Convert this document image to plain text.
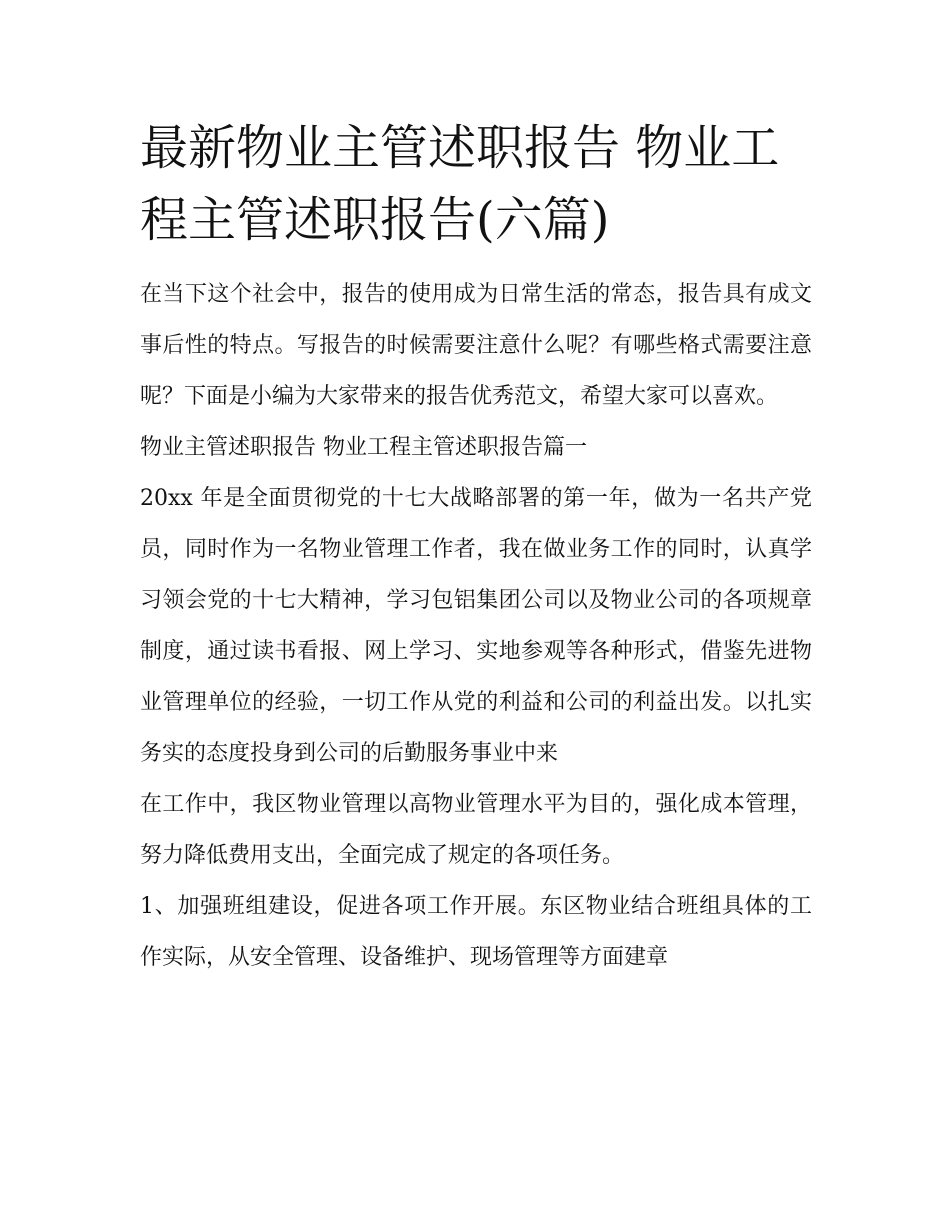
最新物业主管述职报告 物业工程主管述职报告(六篇)

在当下这个社会中，报告的使用成为日常生活的常态，报告具有成文事后性的特点。写报告的时候需要注意什么呢？有哪些格式需要注意呢？下面是小编为大家带来的报告优秀范文，希望大家可以喜欢。

物业主管述职报告 物业工程主管述职报告篇一

20xx 年是全面贯彻党的十七大战略部署的第一年，做为一名共产党员，同时作为一名物业管理工作者，我在做业务工作的同时，认真学习领会党的十七大精神，学习包铝集团公司以及物业公司的各项规章制度，通过读书看报、网上学习、实地参观等各种形式，借鉴先进物业管理单位的经验，一切工作从党的利益和公司的利益出发。以扎实务实的态度投身到公司的后勤服务事业中来

在工作中，我区物业管理以高物业管理水平为目的，强化成本管理，努力降低费用支出，全面完成了规定的各项任务。

1、加强班组建设，促进各项工作开展。东区物业结合班组具体的工作实际，从安全管理、设备维护、现场管理等方面建章
